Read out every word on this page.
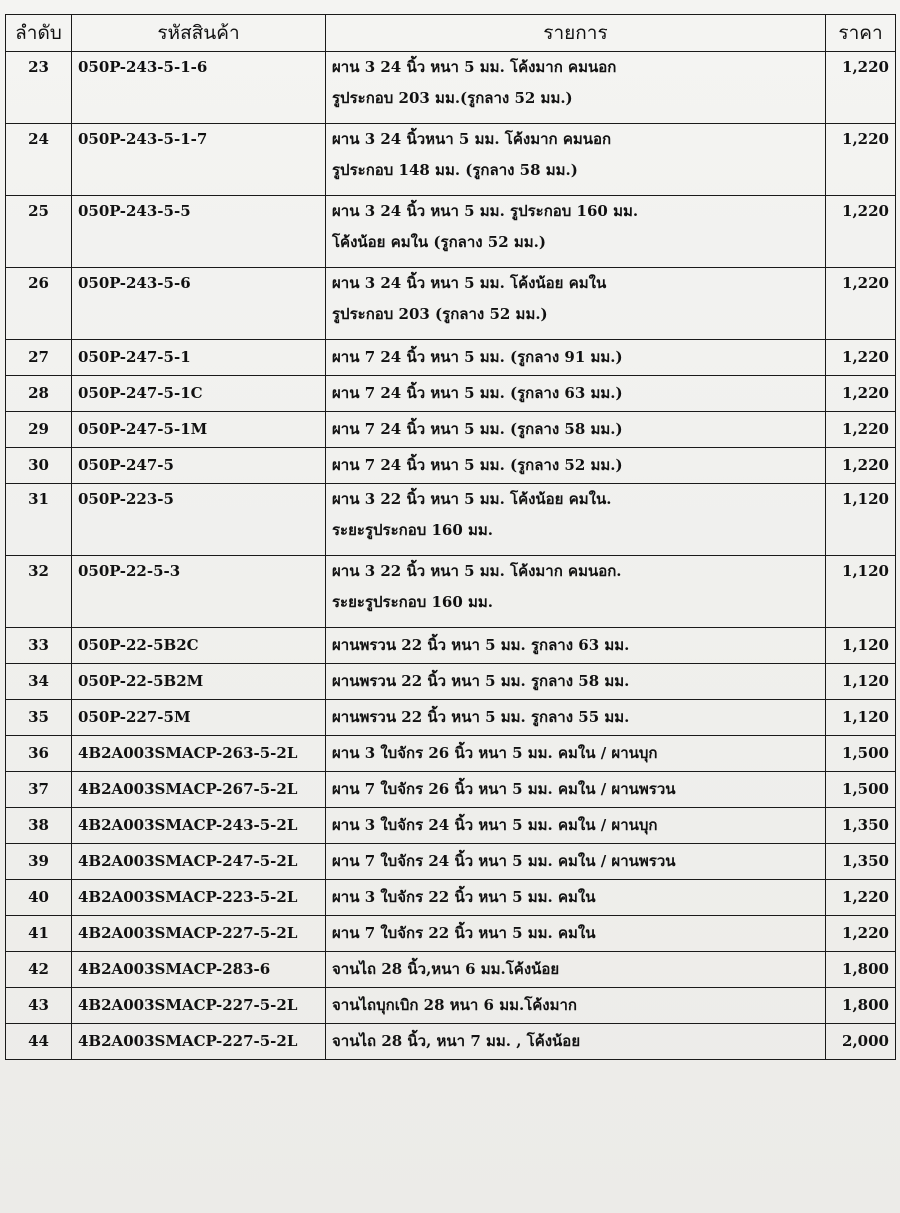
ลำดับ	รหัสสินค้า	รายการ	ราคา
23	050P-243-5-1-6	ผาน 3 24 นิ้ว หนา 5 มม. โค้งมาก คมนอก
รูประกอบ 203 มม.(รูกลาง 52 มม.)	1,220
24	050P-243-5-1-7	ผาน 3 24 นิ้วหนา 5 มม. โค้งมาก คมนอก
รูประกอบ 148 มม. (รูกลาง 58 มม.)	1,220
25	050P-243-5-5	ผาน 3 24 นิ้ว หนา 5 มม. รูประกอบ 160 มม.
โค้งน้อย คมใน (รูกลาง 52 มม.)	1,220
26	050P-243-5-6	ผาน 3 24 นิ้ว หนา 5 มม. โค้งน้อย คมใน
รูประกอบ 203 (รูกลาง 52 มม.)	1,220
27	050P-247-5-1	ผาน 7 24 นิ้ว หนา 5 มม. (รูกลาง 91 มม.)	1,220
28	050P-247-5-1C	ผาน 7 24 นิ้ว หนา 5 มม. (รูกลาง 63 มม.)	1,220
29	050P-247-5-1M	ผาน 7 24 นิ้ว หนา 5 มม. (รูกลาง 58 มม.)	1,220
30	050P-247-5	ผาน 7 24 นิ้ว หนา 5 มม. (รูกลาง 52 มม.)	1,220
31	050P-223-5	ผาน 3 22 นิ้ว หนา 5 มม. โค้งน้อย คมใน.
ระยะรูประกอบ 160 มม.	1,120
32	050P-22-5-3	ผาน 3 22 นิ้ว หนา 5 มม. โค้งมาก คมนอก.
ระยะรูประกอบ 160 มม.	1,120
33	050P-22-5B2C	ผานพรวน 22 นิ้ว หนา 5 มม. รูกลาง 63 มม.	1,120
34	050P-22-5B2M	ผานพรวน 22 นิ้ว หนา 5 มม. รูกลาง 58 มม.	1,120
35	050P-227-5M	ผานพรวน 22 นิ้ว หนา 5 มม. รูกลาง 55 มม.	1,120
36	4B2A003SMACP-263-5-2L	ผาน 3 ใบจักร 26 นิ้ว หนา 5 มม. คมใน / ผานบุก	1,500
37	4B2A003SMACP-267-5-2L	ผาน 7 ใบจักร 26 นิ้ว หนา 5 มม. คมใน / ผานพรวน	1,500
38	4B2A003SMACP-243-5-2L	ผาน 3 ใบจักร 24 นิ้ว หนา 5 มม. คมใน / ผานบุก	1,350
39	4B2A003SMACP-247-5-2L	ผาน 7 ใบจักร 24 นิ้ว หนา 5 มม. คมใน / ผานพรวน	1,350
40	4B2A003SMACP-223-5-2L	ผาน 3 ใบจักร 22 นิ้ว หนา 5 มม. คมใน	1,220
41	4B2A003SMACP-227-5-2L	ผาน 7 ใบจักร 22 นิ้ว หนา 5 มม. คมใน	1,220
42	4B2A003SMACP-283-6	จานไถ 28 นิ้ว,หนา 6 มม.โค้งน้อย	1,800
43	4B2A003SMACP-227-5-2L	จานไถบุกเบิก 28 หนา 6 มม.โค้งมาก	1,800
44	4B2A003SMACP-227-5-2L	จานไถ 28 นิ้ว, หนา 7 มม. , โค้งน้อย	2,000
